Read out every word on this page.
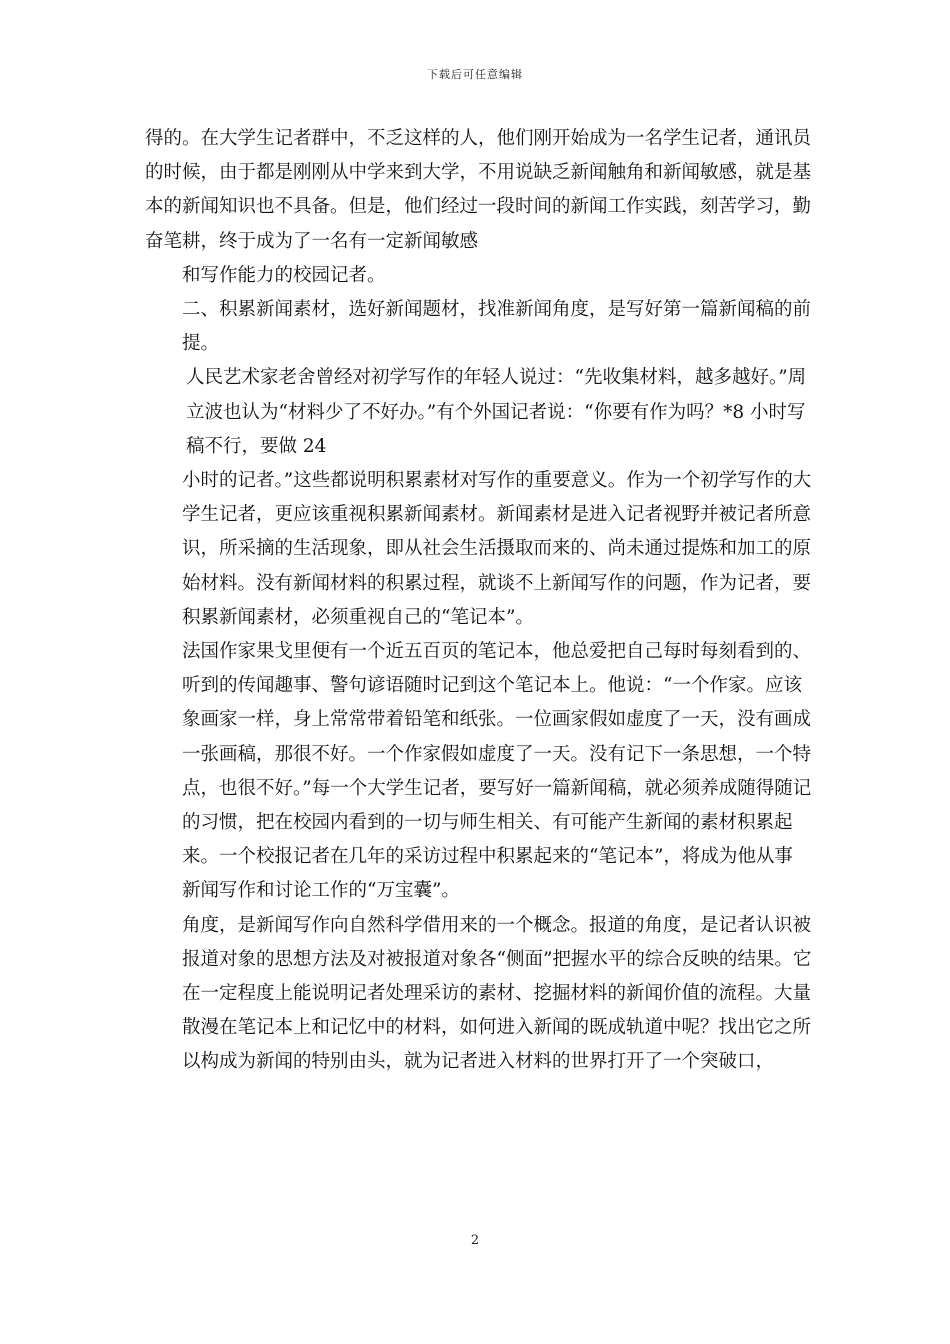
下载后可任意编辑

得的。在大学生记者群中，不乏这样的人，他们刚开始成为一名学生记者，通讯员的时候，由于都是刚刚从中学来到大学，不用说缺乏新闻触角和新闻敏感，就是基本的新闻知识也不具备。但是，他们经过一段时间的新闻工作实践，刻苦学习，勤奋笔耕，终于成为了一名有一定新闻敏感

和写作能力的校园记者。

二、积累新闻素材，选好新闻题材，找准新闻角度，是写好第一篇新闻稿的前提。

人民艺术家老舍曾经对初学写作的年轻人说过：“先收集材料，越多越好。”周立波也认为“材料少了不好办。”有个外国记者说：“你要有作为吗？*8 小时写稿不行，要做 24

小时的记者。”这些都说明积累素材对写作的重要意义。作为一个初学写作的大学生记者，更应该重视积累新闻素材。新闻素材是进入记者视野并被记者所意识，所采摘的生活现象，即从社会生活摄取而来的、尚未通过提炼和加工的原始材料。没有新闻材料的积累过程，就谈不上新闻写作的问题，作为记者，要积累新闻素材，必须重视自己的“笔记本”。

法国作家果戈里便有一个近五百页的笔记本，他总爱把自己每时每刻看到的、听到的传闻趣事、警句谚语随时记到这个笔记本上。他说：“一个作家。应该象画家一样，身上常常带着铅笔和纸张。一位画家假如虚度了一天，没有画成一张画稿，那很不好。一个作家假如虚度了一天。没有记下一条思想，一个特点，也很不好。”每一个大学生记者，要写好一篇新闻稿，就必须养成随得随记的习惯，把在校园内看到的一切与师生相关、有可能产生新闻的素材积累起来。一个校报记者在几年的采访过程中积累起来的“笔记本”，将成为他从事

新闻写作和讨论工作的“万宝囊”。

角度，是新闻写作向自然科学借用来的一个概念。报道的角度，是记者认识被报道对象的思想方法及对被报道对象各“侧面”把握水平的综合反映的结果。它在一定程度上能说明记者处理采访的素材、挖掘材料的新闻价值的流程。大量散漫在笔记本上和记忆中的材料，如何进入新闻的既成轨道中呢？找出它之所以构成为新闻的特别由头，就为记者进入材料的世界打开了一个突破口，

2
